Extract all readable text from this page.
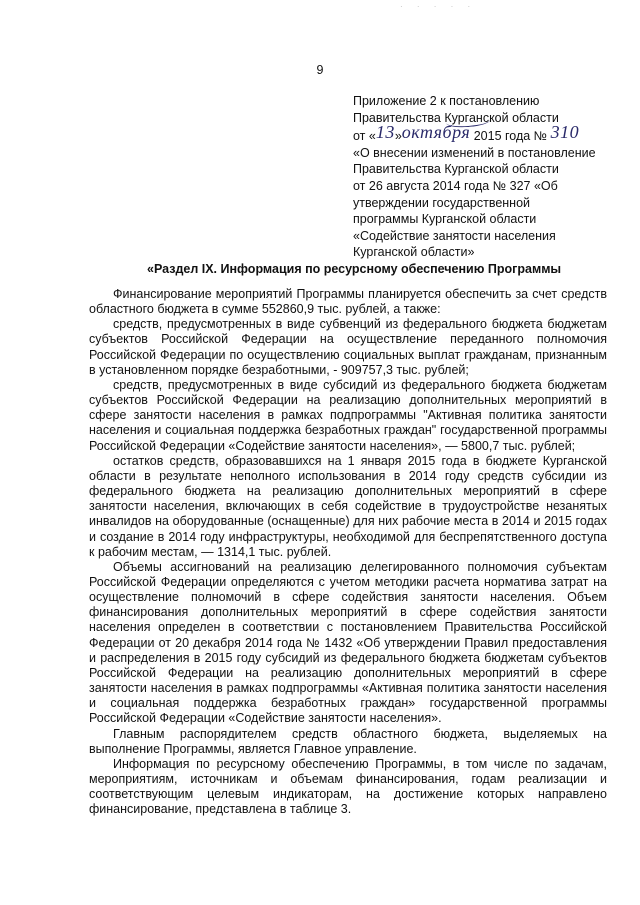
· · · · ·
9
Приложение 2 к постановлению
Правительства Курганской области
от «13»октября 2015 года № 310
«О внесении изменений в постановление
Правительства Курганской области
от 26 августа 2014 года № 327 «Об
утверждении государственной
программы Курганской области
«Содействие занятости населения
Курганской области»
«Раздел IX. Информация по ресурсному обеспечению Программы

Финансирование мероприятий Программы планируется обеспечить за счет средств областного бюджета в сумме 552860,9 тыс. рублей, а также:

средств, предусмотренных в виде субвенций из федерального бюджета бюджетам субъектов Российской Федерации на осуществление переданного полномочия Российской Федерации по осуществлению социальных выплат гражданам, признанным в установленном порядке безработными, - 909757,3 тыс. рублей;

средств, предусмотренных в виде субсидий из федерального бюджета бюджетам субъектов Российской Федерации на реализацию дополнительных мероприятий в сфере занятости населения в рамках подпрограммы "Активная политика занятости населения и социальная поддержка безработных граждан" государственной программы Российской Федерации «Содействие занятости населения», — 5800,7 тыс. рублей;

остатков средств, образовавшихся на 1 января 2015 года в бюджете Курганской области в результате неполного использования в 2014 году средств субсидии из федерального бюджета на реализацию дополнительных мероприятий в сфере занятости населения, включающих в себя содействие в трудоустройстве незанятых инвалидов на оборудованные (оснащенные) для них рабочие места в 2014 и 2015 годах и создание в 2014 году инфраструктуры, необходимой для беспрепятственного доступа к рабочим местам, — 1314,1 тыс. рублей.

Объемы ассигнований на реализацию делегированного полномочия субъектам Российской Федерации определяются с учетом методики расчета норматива затрат на осуществление полномочий в сфере содействия занятости населения. Объем финансирования дополнительных мероприятий в сфере содействия занятости населения определен в соответствии с постановлением Правительства Российской Федерации от 20 декабря 2014 года № 1432 «Об утверждении Правил предоставления и распределения в 2015 году субсидий из федерального бюджета бюджетам субъектов Российской Федерации на реализацию дополнительных мероприятий в сфере занятости населения в рамках подпрограммы «Активная политика занятости населения и социальная поддержка безработных граждан» государственной программы Российской Федерации «Содействие занятости населения».

Главным распорядителем средств областного бюджета, выделяемых на выполнение Программы, является Главное управление.

Информация по ресурсному обеспечению Программы, в том числе по задачам, мероприятиям, источникам и объемам финансирования, годам реализации и соответствующим целевым индикаторам, на достижение которых направлено финансирование, представлена в таблице 3.
